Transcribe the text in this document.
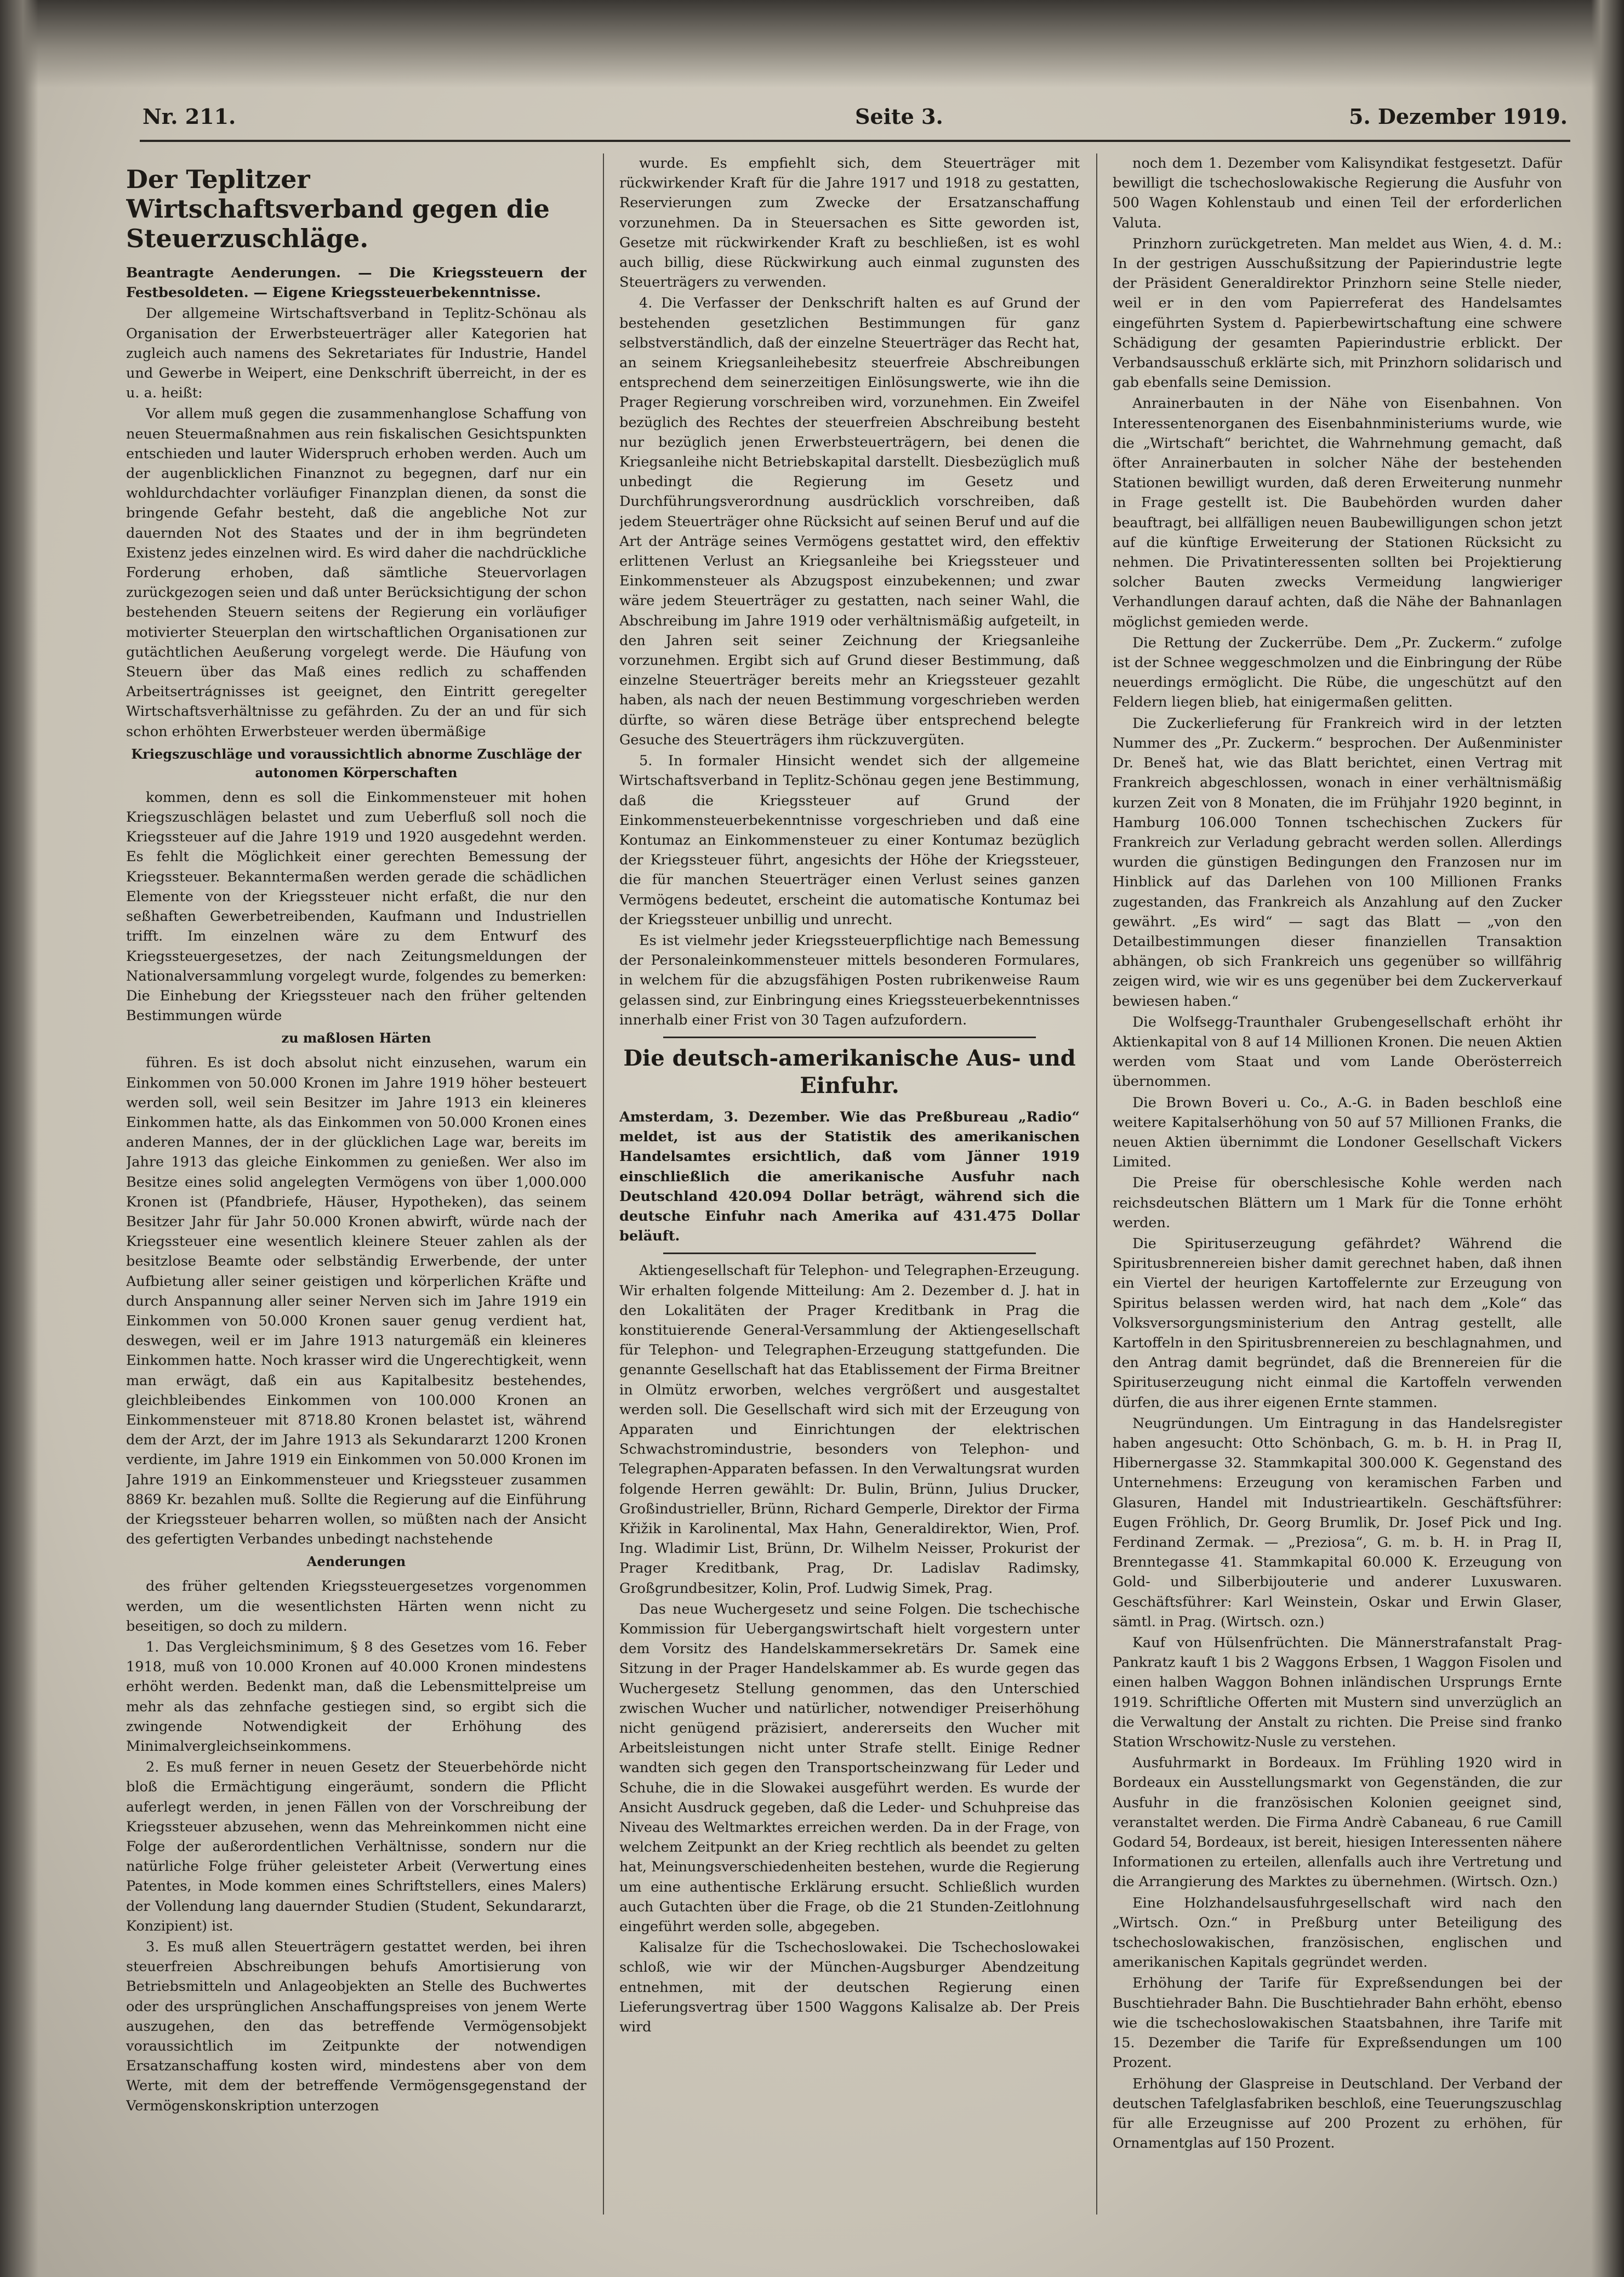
Nr. 211.	Seite 3.	5. Dezember 1919.
Der Teplitzer Wirtschaftsverband gegen die Steuerzuschläge.

Beantragte Aenderungen. — Die Kriegssteuern der Festbesoldeten. — Eigene Kriegssteuerbekenntnisse.

Der allgemeine Wirtschaftsverband in Teplitz-Schönau als Organisation der Erwerbsteuerträger aller Kategorien hat zugleich auch namens des Sekretariates für Industrie, Handel und Gewerbe in Weipert, eine Denkschrift überreicht, in der es u. a. heißt:

Vor allem muß gegen die zusammenhanglose Schaffung von neuen Steuermaßnahmen aus rein fiskalischen Gesichtspunkten entschieden und lauter Widerspruch erhoben werden. Auch um der augenblicklichen Finanznot zu begegnen, darf nur ein wohldurchdachter vorläufiger Finanzplan dienen, da sonst die bringende Gefahr besteht, daß die angebliche Not zur dauernden Not des Staates und der in ihm begründeten Existenz jedes einzelnen wird. Es wird daher die nachdrückliche Forderung erhoben, daß sämtliche Steuervorlagen zurückgezogen seien und daß unter Berücksichtigung der schon bestehenden Steuern seitens der Regierung ein vorläufiger motivierter Steuerplan den wirtschaftlichen Organisationen zur gutächtlichen Aeußerung vorgelegt werde. Die Häufung von Steuern über das Maß eines redlich zu schaffenden Arbeitsertrágnisses ist geeignet, den Eintritt geregelter Wirtschaftsverhältnisse zu gefährden. Zu der an und für sich schon erhöhten Erwerbsteuer werden übermäßige

Kriegszuschläge und voraussichtlich abnorme Zuschläge der autonomen Körperschaften

kommen, denn es soll die Einkommensteuer mit hohen Kriegszuschlägen belastet und zum Ueberfluß soll noch die Kriegssteuer auf die Jahre 1919 und 1920 ausgedehnt werden. Es fehlt die Möglichkeit einer gerechten Bemessung der Kriegssteuer. Bekanntermaßen werden gerade die schädlichen Elemente von der Kriegssteuer nicht erfaßt, die nur den seßhaften Gewerbetreibenden, Kaufmann und Industriellen trifft. Im einzelnen wäre zu dem Entwurf des Kriegssteuergesetzes, der nach Zeitungsmeldungen der Nationalversammlung vorgelegt wurde, folgendes zu bemerken: Die Einhebung der Kriegssteuer nach den früher geltenden Bestimmungen würde

zu maßlosen Härten

führen. Es ist doch absolut nicht einzusehen, warum ein Einkommen von 50.000 Kronen im Jahre 1919 höher besteuert werden soll, weil sein Besitzer im Jahre 1913 ein kleineres Einkommen hatte, als das Einkommen von 50.000 Kronen eines anderen Mannes, der in der glücklichen Lage war, bereits im Jahre 1913 das gleiche Einkommen zu genießen. Wer also im Besitze eines solid angelegten Vermögens von über 1,000.000 Kronen ist (Pfandbriefe, Häuser, Hypotheken), das seinem Besitzer Jahr für Jahr 50.000 Kronen abwirft, würde nach der Kriegssteuer eine wesentlich kleinere Steuer zahlen als der besitzlose Beamte oder selbständig Erwerbende, der unter Aufbietung aller seiner geistigen und körperlichen Kräfte und durch Anspannung aller seiner Nerven sich im Jahre 1919 ein Einkommen von 50.000 Kronen sauer genug verdient hat, deswegen, weil er im Jahre 1913 naturgemäß ein kleineres Einkommen hatte. Noch krasser wird die Ungerechtigkeit, wenn man erwägt, daß ein aus Kapitalbesitz bestehendes, gleichbleibendes Einkommen von 100.000 Kronen an Einkommensteuer mit 8718.80 Kronen belastet ist, während dem der Arzt, der im Jahre 1913 als Sekundararzt 1200 Kronen verdiente, im Jahre 1919 ein Einkommen von 50.000 Kronen im Jahre 1919 an Einkommensteuer und Kriegssteuer zusammen 8869 Kr. bezahlen muß. Sollte die Regierung auf die Einführung der Kriegssteuer beharren wollen, so müßten nach der Ansicht des gefertigten Verbandes unbedingt nachstehende

Aenderungen

des früher geltenden Kriegssteuergesetzes vorgenommen werden, um die wesentlichsten Härten wenn nicht zu beseitigen, so doch zu mildern.

1. Das Vergleichsminimum, § 8 des Gesetzes vom 16. Feber 1918, muß von 10.000 Kronen auf 40.000 Kronen mindestens erhöht werden. Bedenkt man, daß die Lebensmittelpreise um mehr als das zehnfache gestiegen sind, so ergibt sich die zwingende Notwendigkeit der Erhöhung des Minimalvergleichseinkommens.

2. Es muß ferner in neuen Gesetz der Steuerbehörde nicht bloß die Ermächtigung eingeräumt, sondern die Pflicht auferlegt werden, in jenen Fällen von der Vorschreibung der Kriegssteuer abzusehen, wenn das Mehreinkommen nicht eine Folge der außerordentlichen Verhältnisse, sondern nur die natürliche Folge früher geleisteter Arbeit (Verwertung eines Patentes, in Mode kommen eines Schriftstellers, eines Malers) der Vollendung lang dauernder Studien (Student, Sekundararzt, Konzipient) ist.

3. Es muß allen Steuerträgern gestattet werden, bei ihren steuerfreien Abschreibungen behufs Amortisierung von Betriebsmitteln und Anlageobjekten an Stelle des Buchwertes oder des ursprünglichen Anschaffungspreises von jenem Werte auszugehen, den das betreffende Vermögensobjekt voraussichtlich im Zeitpunkte der notwendigen Ersatzanschaffung kosten wird, mindestens aber von dem Werte, mit dem der betreffende Vermögensgegenstand der Vermögenskonskription unterzogen

wurde. Es empfiehlt sich, dem Steuerträger mit rückwirkender Kraft für die Jahre 1917 und 1918 zu gestatten, Reservierungen zum Zwecke der Ersatzanschaffung vorzunehmen. Da in Steuersachen es Sitte geworden ist, Gesetze mit rückwirkender Kraft zu beschließen, ist es wohl auch billig, diese Rückwirkung auch einmal zugunsten des Steuerträgers zu verwenden.

4. Die Verfasser der Denkschrift halten es auf Grund der bestehenden gesetzlichen Bestimmungen für ganz selbstverständlich, daß der einzelne Steuerträger das Recht hat, an seinem Kriegsanleihebesitz steuerfreie Abschreibungen entsprechend dem seinerzeitigen Einlösungswerte, wie ihn die Prager Regierung vorschreiben wird, vorzunehmen. Ein Zweifel bezüglich des Rechtes der steuerfreien Abschreibung besteht nur bezüglich jenen Erwerbsteuerträgern, bei denen die Kriegsanleihe nicht Betriebskapital darstellt. Diesbezüglich muß unbedingt die Regierung im Gesetz und Durchführungsverordnung ausdrücklich vorschreiben, daß jedem Steuerträger ohne Rücksicht auf seinen Beruf und auf die Art der Anträge seines Vermögens gestattet wird, den effektiv erlittenen Verlust an Kriegsanleihe bei Kriegssteuer und Einkommensteuer als Abzugspost einzubekennen; und zwar wäre jedem Steuerträger zu gestatten, nach seiner Wahl, die Abschreibung im Jahre 1919 oder verhältnismäßig aufgeteilt, in den Jahren seit seiner Zeichnung der Kriegsanleihe vorzunehmen. Ergibt sich auf Grund dieser Bestimmung, daß einzelne Steuerträger bereits mehr an Kriegssteuer gezahlt haben, als nach der neuen Bestimmung vorgeschrieben werden dürfte, so wären diese Beträge über entsprechend belegte Gesuche des Steuerträgers ihm rückzuvergüten.

5. In formaler Hinsicht wendet sich der allgemeine Wirtschaftsverband in Teplitz-Schönau gegen jene Bestimmung, daß die Kriegssteuer auf Grund der Einkommensteuerbekenntnisse vorgeschrieben und daß eine Kontumaz an Einkommensteuer zu einer Kontumaz bezüglich der Kriegssteuer führt, angesichts der Höhe der Kriegssteuer, die für manchen Steuerträger einen Verlust seines ganzen Vermögens bedeutet, erscheint die automatische Kontumaz bei der Kriegssteuer unbillig und unrecht.

Es ist vielmehr jeder Kriegssteuerpflichtige nach Bemessung der Personaleinkommensteuer mittels besonderen Formulares, in welchem für die abzugsfähigen Posten rubrikenweise Raum gelassen sind, zur Einbringung eines Kriegssteuerbekenntnisses innerhalb einer Frist von 30 Tagen aufzufordern.

Die deutsch-amerikanische Aus- und Einfuhr.

Amsterdam, 3. Dezember. Wie das Preßbureau „Radio“ meldet, ist aus der Statistik des amerikanischen Handelsamtes ersichtlich, daß vom Jänner 1919 einschließlich die amerikanische Ausfuhr nach Deutschland 420.094 Dollar beträgt, während sich die deutsche Einfuhr nach Amerika auf 431.475 Dollar beläuft.

Aktiengesellschaft für Telephon- und Telegraphen-Erzeugung. Wir erhalten folgende Mitteilung: Am 2. Dezember d. J. hat in den Lokalitäten der Prager Kreditbank in Prag die konstituierende General-Versammlung der Aktiengesellschaft für Telephon- und Telegraphen-Erzeugung stattgefunden. Die genannte Gesellschaft hat das Etablissement der Firma Breitner in Olmütz erworben, welches vergrößert und ausgestaltet werden soll. Die Gesellschaft wird sich mit der Erzeugung von Apparaten und Einrichtungen der elektrischen Schwachstromindustrie, besonders von Telephon- und Telegraphen-Apparaten befassen. In den Verwaltungsrat wurden folgende Herren gewählt: Dr. Bulin, Brünn, Julius Drucker, Großindustrieller, Brünn, Richard Gemperle, Direktor der Firma Křižik in Karolinental, Max Hahn, Generaldirektor, Wien, Prof. Ing. Wladimir List, Brünn, Dr. Wilhelm Neisser, Prokurist der Prager Kreditbank, Prag, Dr. Ladislav Radimsky, Großgrundbesitzer, Kolin, Prof. Ludwig Simek, Prag.

Das neue Wuchergesetz und seine Folgen. Die tschechische Kommission für Uebergangswirtschaft hielt vorgestern unter dem Vorsitz des Handelskammersekretärs Dr. Samek eine Sitzung in der Prager Handelskammer ab. Es wurde gegen das Wuchergesetz Stellung genommen, das den Unterschied zwischen Wucher und natürlicher, notwendiger Preiserhöhung nicht genügend präzisiert, andererseits den Wucher mit Arbeitsleistungen nicht unter Strafe stellt. Einige Redner wandten sich gegen den Transportscheinzwang für Leder und Schuhe, die in die Slowakei ausgeführt werden. Es wurde der Ansicht Ausdruck gegeben, daß die Leder- und Schuhpreise das Niveau des Weltmarktes erreichen werden. Da in der Frage, von welchem Zeitpunkt an der Krieg rechtlich als beendet zu gelten hat, Meinungsverschiedenheiten bestehen, wurde die Regierung um eine authentische Erklärung ersucht. Schließlich wurden auch Gutachten über die Frage, ob die 21 Stunden-Zeitlohnung eingeführt werden solle, abgegeben.

Kalisalze für die Tschechoslowakei. Die Tschechoslowakei schloß, wie wir der München-Augsburger Abendzeitung entnehmen, mit der deutschen Regierung einen Lieferungsvertrag über 1500 Waggons Kalisalze ab. Der Preis wird

noch dem 1. Dezember vom Kalisyndikat festgesetzt. Dafür bewilligt die tschechoslowakische Regierung die Ausfuhr von 500 Wagen Kohlenstaub und einen Teil der erforderlichen Valuta.

Prinzhorn zurückgetreten. Man meldet aus Wien, 4. d. M.: In der gestrigen Ausschußsitzung der Papierindustrie legte der Präsident Generaldirektor Prinzhorn seine Stelle nieder, weil er in den vom Papierreferat des Handelsamtes eingeführten System d. Papierbewirtschaftung eine schwere Schädigung der gesamten Papierindustrie erblickt. Der Verbandsausschuß erklärte sich, mit Prinzhorn solidarisch und gab ebenfalls seine Demission.

Anrainerbauten in der Nähe von Eisenbahnen. Von Interessentenorganen des Eisenbahnministeriums wurde, wie die „Wirtschaft“ berichtet, die Wahrnehmung gemacht, daß öfter Anrainerbauten in solcher Nähe der bestehenden Stationen bewilligt wurden, daß deren Erweiterung nunmehr in Frage gestellt ist. Die Baubehörden wurden daher beauftragt, bei allfälligen neuen Baubewilligungen schon jetzt auf die künftige Erweiterung der Stationen Rücksicht zu nehmen. Die Privatinteressenten sollten bei Projektierung solcher Bauten zwecks Vermeidung langwieriger Verhandlungen darauf achten, daß die Nähe der Bahnanlagen möglichst gemieden werde.

Die Rettung der Zuckerrübe. Dem „Pr. Zuckerm.“ zufolge ist der Schnee weggeschmolzen und die Einbringung der Rübe neuerdings ermöglicht. Die Rübe, die ungeschützt auf den Feldern liegen blieb, hat einigermaßen gelitten.

Die Zuckerlieferung für Frankreich wird in der letzten Nummer des „Pr. Zuckerm.“ besprochen. Der Außenminister Dr. Beneš hat, wie das Blatt berichtet, einen Vertrag mit Frankreich abgeschlossen, wonach in einer verhältnismäßig kurzen Zeit von 8 Monaten, die im Frühjahr 1920 beginnt, in Hamburg 106.000 Tonnen tschechischen Zuckers für Frankreich zur Verladung gebracht werden sollen. Allerdings wurden die günstigen Bedingungen den Franzosen nur im Hinblick auf das Darlehen von 100 Millionen Franks zugestanden, das Frankreich als Anzahlung auf den Zucker gewährt. „Es wird“ — sagt das Blatt — „von den Detailbestimmungen dieser finanziellen Transaktion abhängen, ob sich Frankreich uns gegenüber so willfährig zeigen wird, wie wir es uns gegenüber bei dem Zuckerverkauf bewiesen haben.“

Die Wolfsegg-Traunthaler Grubengesellschaft erhöht ihr Aktienkapital von 8 auf 14 Millionen Kronen. Die neuen Aktien werden vom Staat und vom Lande Oberösterreich übernommen.

Die Brown Boveri u. Co., A.-G. in Baden beschloß eine weitere Kapitalserhöhung von 50 auf 57 Millionen Franks, die neuen Aktien übernimmt die Londoner Gesellschaft Vickers Limited.

Die Preise für oberschlesische Kohle werden nach reichsdeutschen Blättern um 1 Mark für die Tonne erhöht werden.

Die Spirituserzeugung gefährdet? Während die Spiritusbrennereien bisher damit gerechnet haben, daß ihnen ein Viertel der heurigen Kartoffelernte zur Erzeugung von Spiritus belassen werden wird, hat nach dem „Kole“ das Volksversorgungsministerium den Antrag gestellt, alle Kartoffeln in den Spiritusbrennereien zu beschlagnahmen, und den Antrag damit begründet, daß die Brennereien für die Spirituserzeugung nicht einmal die Kartoffeln verwenden dürfen, die aus ihrer eigenen Ernte stammen.

Neugründungen. Um Eintragung in das Handelsregister haben angesucht: Otto Schönbach, G. m. b. H. in Prag II, Hibernergasse 32. Stammkapital 300.000 K. Gegenstand des Unternehmens: Erzeugung von keramischen Farben und Glasuren, Handel mit Industrieartikeln. Geschäftsführer: Eugen Fröhlich, Dr. Georg Brumlik, Dr. Josef Pick und Ing. Ferdinand Zermak. — „Preziosa“, G. m. b. H. in Prag II, Brenntegasse 41. Stammkapital 60.000 K. Erzeugung von Gold- und Silberbijouterie und anderer Luxuswaren. Geschäftsführer: Karl Weinstein, Oskar und Erwin Glaser, sämtl. in Prag. (Wirtsch. ozn.)

Kauf von Hülsenfrüchten. Die Männerstrafanstalt Prag-Pankratz kauft 1 bis 2 Waggons Erbsen, 1 Waggon Fisolen und einen halben Waggon Bohnen inländischen Ursprungs Ernte 1919. Schriftliche Offerten mit Mustern sind unverzüglich an die Verwaltung der Anstalt zu richten. Die Preise sind franko Station Wrschowitz-Nusle zu verstehen.

Ausfuhrmarkt in Bordeaux. Im Frühling 1920 wird in Bordeaux ein Ausstellungsmarkt von Gegenständen, die zur Ausfuhr in die französischen Kolonien geeignet sind, veranstaltet werden. Die Firma Andrè Cabaneau, 6 rue Camill Godard 54, Bordeaux, ist bereit, hiesigen Interessenten nähere Informationen zu erteilen, allenfalls auch ihre Vertretung und die Arrangierung des Marktes zu übernehmen. (Wirtsch. Ozn.)

Eine Holzhandelsausfuhrgesellschaft wird nach den „Wirtsch. Ozn.“ in Preßburg unter Beteiligung des tschechoslowakischen, französischen, englischen und amerikanischen Kapitals gegründet werden.

Erhöhung der Tarife für Expreßsendungen bei der Buschtiehrader Bahn. Die Buschtiehrader Bahn erhöht, ebenso wie die tschechoslowakischen Staatsbahnen, ihre Tarife mit 15. Dezember die Tarife für Expreßsendungen um 100 Prozent.

Erhöhung der Glaspreise in Deutschland. Der Verband der deutschen Tafelglasfabriken beschloß, eine Teuerungszuschlag für alle Erzeugnisse auf 200 Prozent zu erhöhen, für Ornamentglas auf 150 Prozent.
